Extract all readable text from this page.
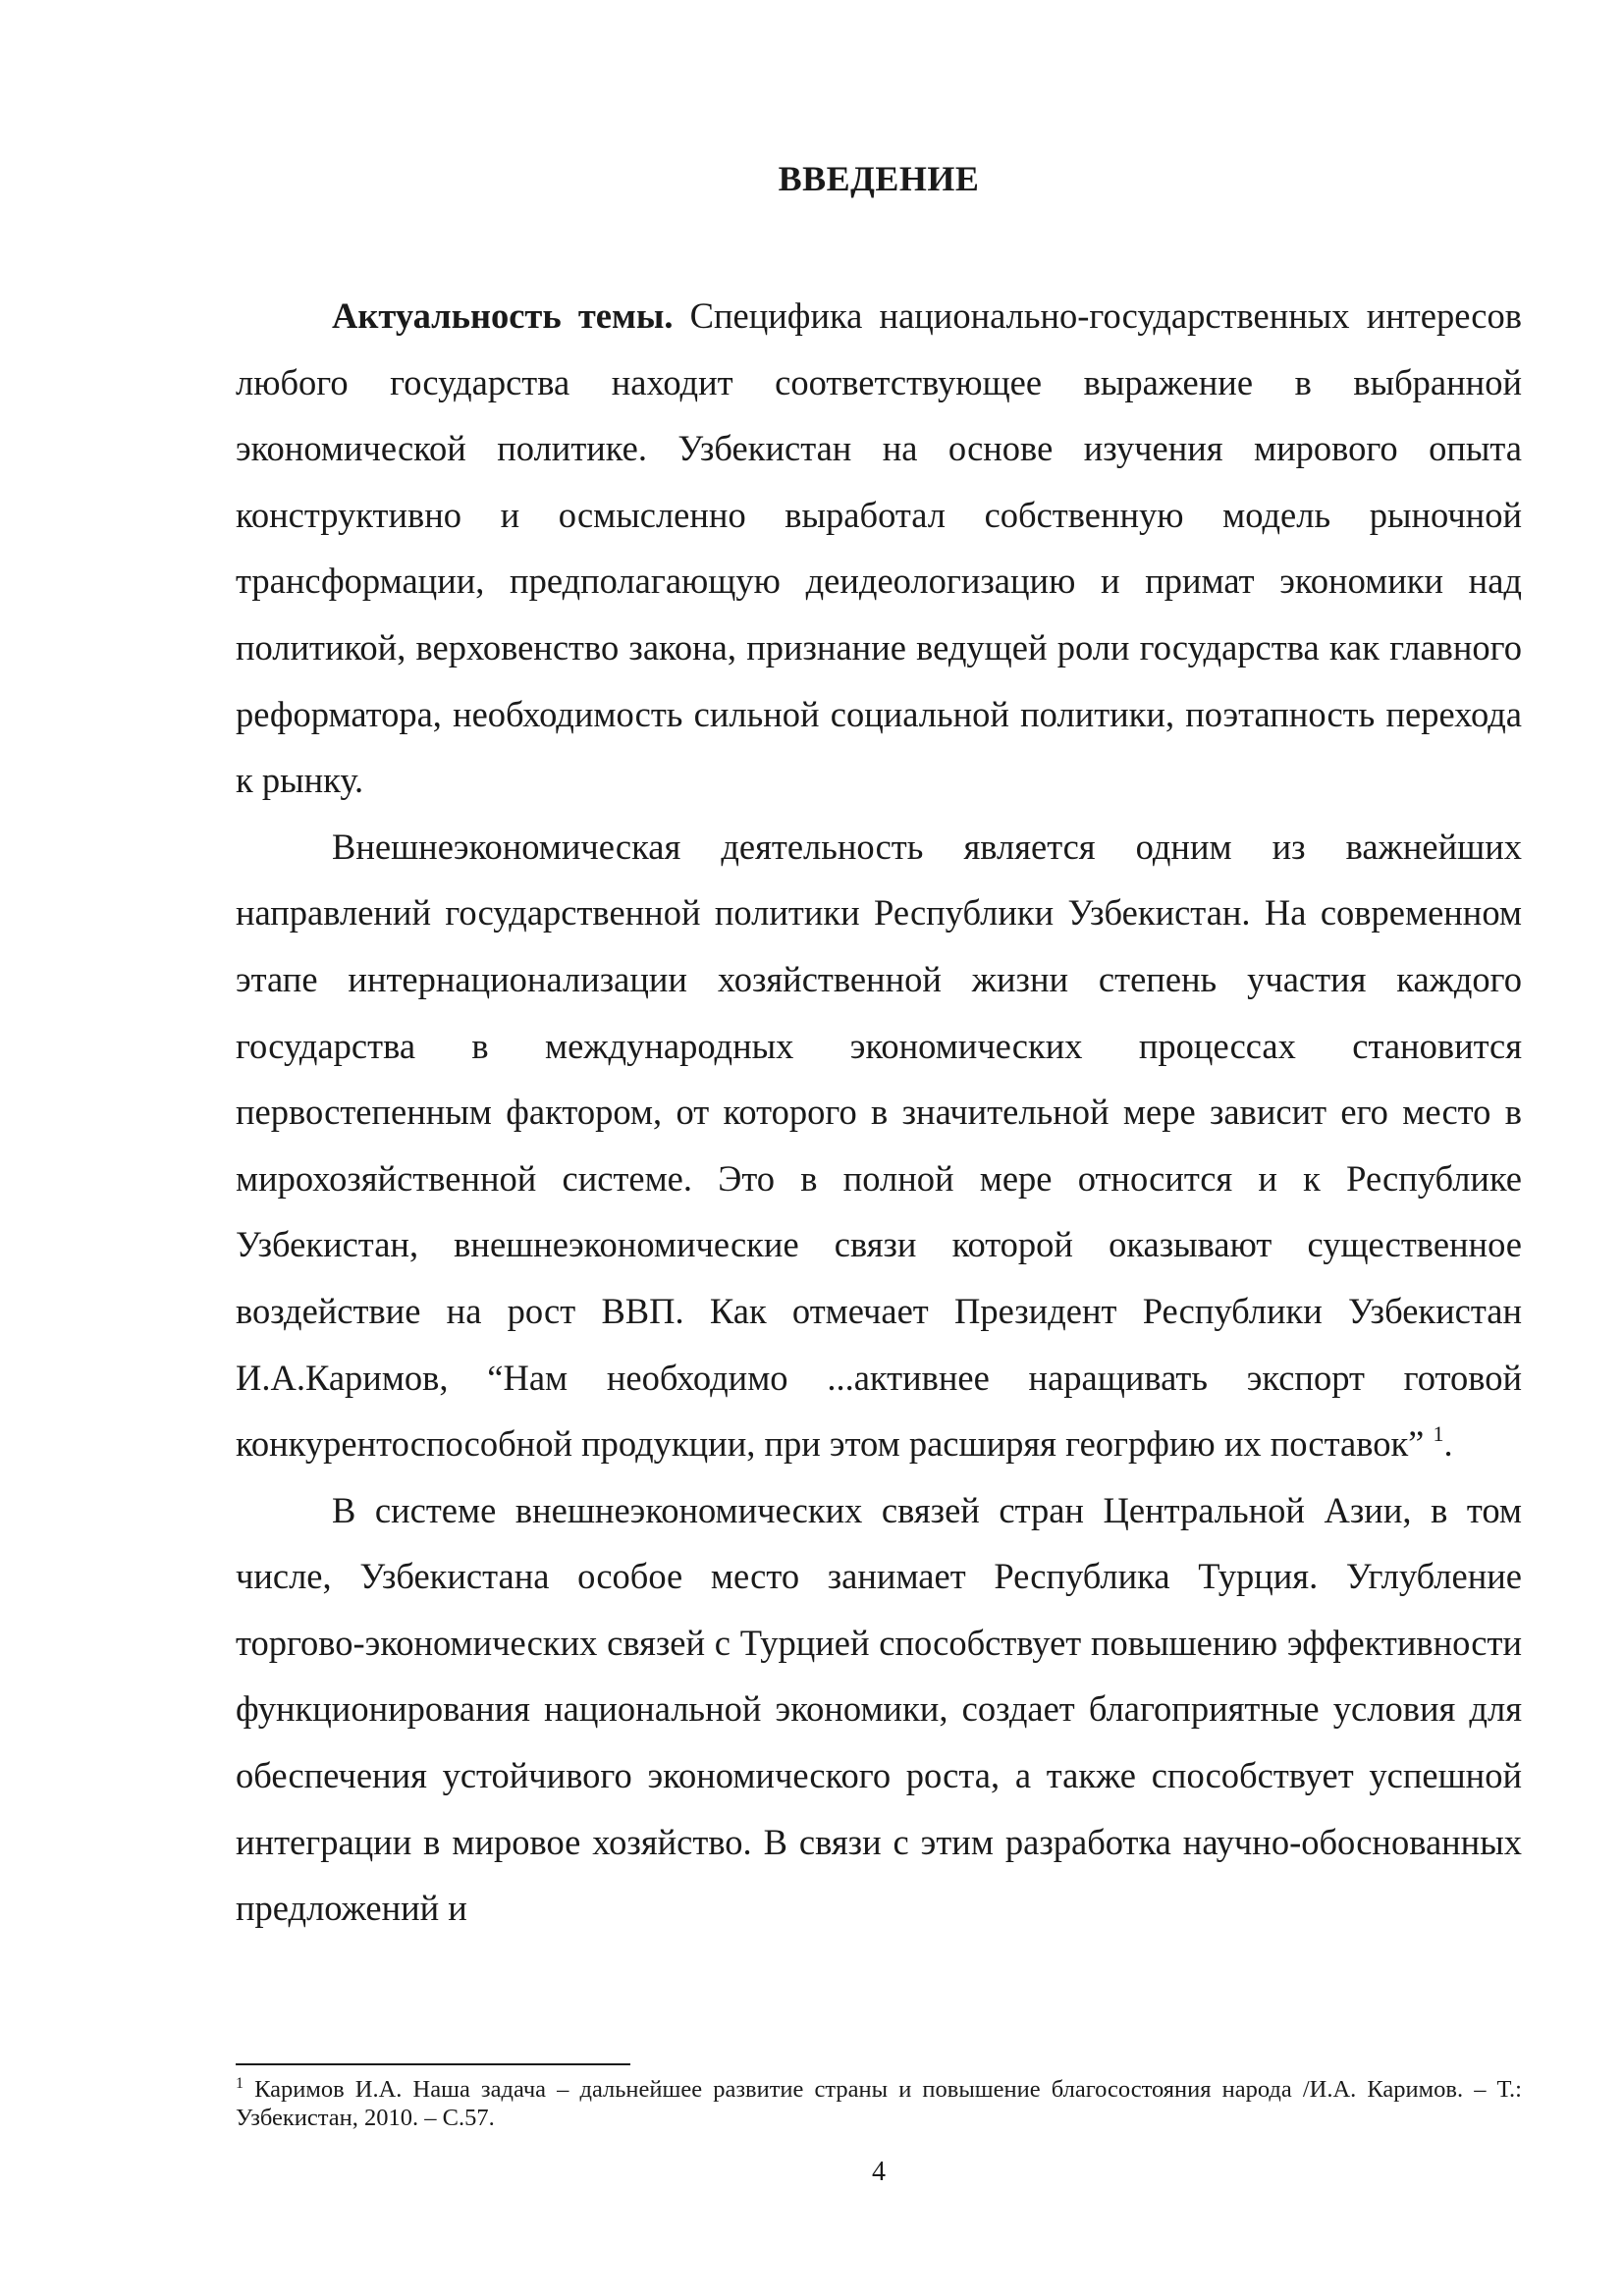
ВВЕДЕНИЕ

Актуальность темы. Специфика национально-государственных интересов любого государства находит соответствующее выражение в выбранной экономической политике. Узбекистан на основе изучения мирового опыта конструктивно и осмысленно выработал собственную модель рыночной трансформации, предполагающую деидеологизацию и примат экономики над политикой, верховенство закона, признание ведущей роли государства как главного реформатора, необходимость сильной социальной политики, поэтапность перехода к рынку.

Внешнеэкономическая деятельность является одним из важнейших направлений государственной политики Республики Узбекистан. На современном этапе интернационализации хозяйственной жизни степень участия каждого государства в международных экономических процессах становится первостепенным фактором, от которого в значительной мере зависит его место в мирохозяйственной системе. Это в полной мере относится и к Республике Узбекистан, внешнеэкономические связи которой оказывают существенное воздействие на рост ВВП. Как отмечает Президент Республики Узбекистан И.А.Каримов, “Нам необходимо ...активнее наращивать экспорт готовой конкурентоспособной продукции, при этом расширяя геогрфию их поставок” $^1$.

В системе внешнеэкономических связей стран Центральной Азии, в том числе, Узбекистана особое место занимает Республика Турция. Углубление торгово-экономических связей с Турцией способствует повышению эффективности функционирования национальной экономики, создает благоприятные условия для обеспечения устойчивого экономического роста, а также способствует успешной интеграции в мировое хозяйство. В связи с этим разработка научно-обоснованных предложений и

$^1$ Каримов И.А. Наша задача – дальнейшее развитие страны и повышение благосостояния народа /И.А. Каримов. – Т.: Узбекистан, 2010. – С.57.

4
